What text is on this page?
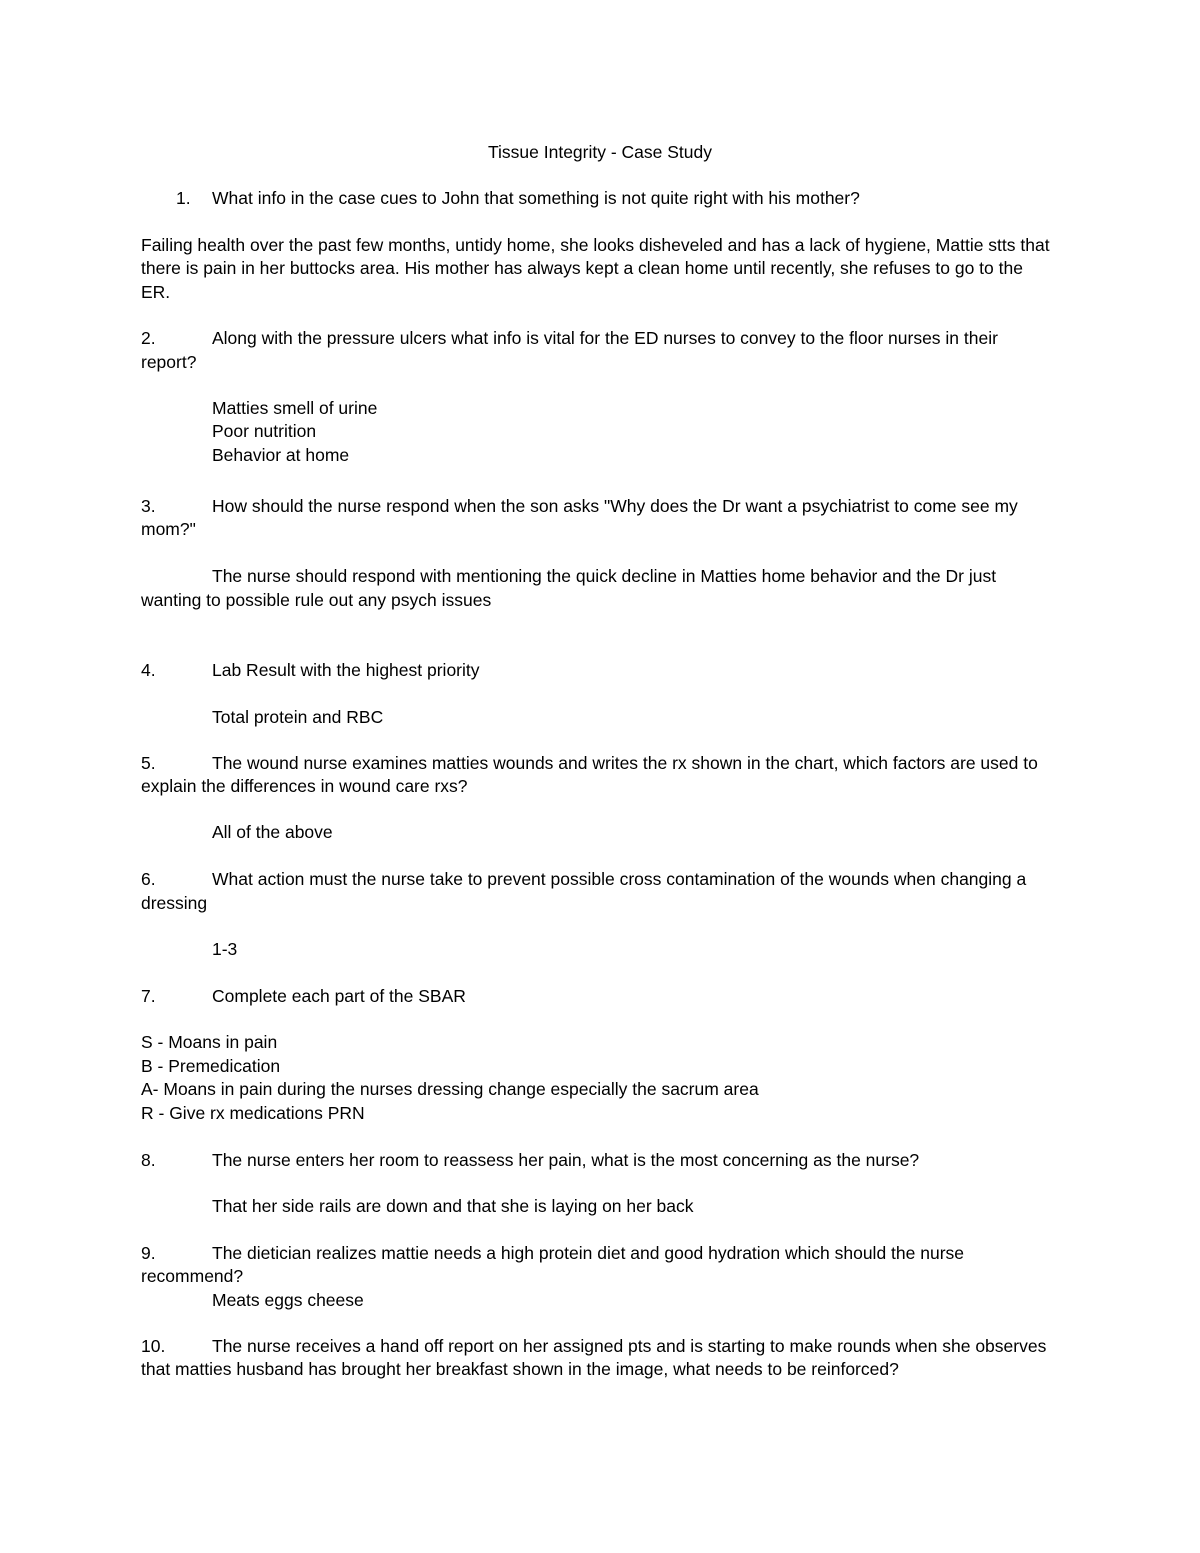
Tissue Integrity - Case Study
1. What info in the case cues to John that something is not quite right with his mother?
Failing health over the past few months, untidy home, she looks disheveled and has a lack of hygiene, Mattie stts that
there is pain in her buttocks area. His mother has always kept a clean home until recently, she refuses to go to the
ER.
2.	Along with the pressure ulcers what info is vital for the ED nurses to convey to the floor nurses in their
report?
Matties smell of urine
Poor nutrition
Behavior at home
3.	How should the nurse respond when the son asks "Why does the Dr want a psychiatrist to come see my
mom?"
The nurse should respond with mentioning the quick decline in Matties home behavior and the Dr just
wanting to possible rule out any psych issues
4.	Lab Result with the highest priority
Total protein and RBC
5.	The wound nurse examines matties wounds and writes the rx shown in the chart, which factors are used to
explain the differences in wound care rxs?
All of the above
6.	What action must the nurse take to prevent possible cross contamination of the wounds when changing a
dressing
1-3
7.	Complete each part of the SBAR
S - Moans in pain
B - Premedication
A- Moans in pain during the nurses dressing change especially the sacrum area
R - Give rx medications PRN
8.	The nurse enters her room to reassess her pain, what is the most concerning as the nurse?
That her side rails are down and that she is laying on her back
9.	The dietician realizes mattie needs a high protein diet and good hydration which should the nurse
recommend?
Meats eggs cheese
10.	The nurse receives a hand off report on her assigned pts and is starting to make rounds when she observes
that matties husband has brought her breakfast shown in the image, what needs to be reinforced?
